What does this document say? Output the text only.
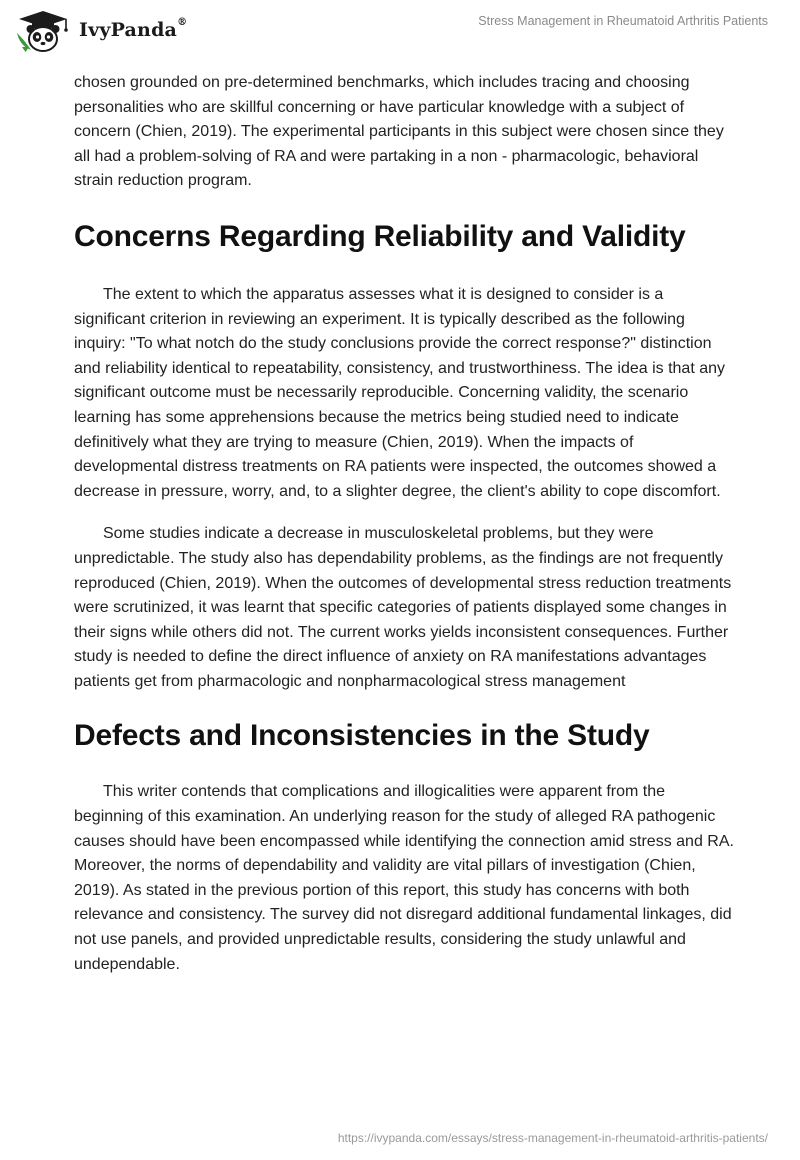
IvyPanda®	Stress Management in Rheumatoid Arthritis Patients

chosen grounded on pre-determined benchmarks, which includes tracing and choosing personalities who are skillful concerning or have particular knowledge with a subject of concern (Chien, 2019). The experimental participants in this subject were chosen since they all had a problem-solving of RA and were partaking in a non - pharmacologic, behavioral strain reduction program.

Concerns Regarding Reliability and Validity

The extent to which the apparatus assesses what it is designed to consider is a significant criterion in reviewing an experiment. It is typically described as the following inquiry: "To what notch do the study conclusions provide the correct response?" distinction and reliability identical to repeatability, consistency, and trustworthiness. The idea is that any significant outcome must be necessarily reproducible. Concerning validity, the scenario learning has some apprehensions because the metrics being studied need to indicate definitively what they are trying to measure (Chien, 2019). When the impacts of developmental distress treatments on RA patients were inspected, the outcomes showed a decrease in pressure, worry, and, to a slighter degree, the client's ability to cope discomfort.

Some studies indicate a decrease in musculoskeletal problems, but they were unpredictable. The study also has dependability problems, as the findings are not frequently reproduced (Chien, 2019). When the outcomes of developmental stress reduction treatments were scrutinized, it was learnt that specific categories of patients displayed some changes in their signs while others did not. The current works yields inconsistent consequences. Further study is needed to define the direct influence of anxiety on RA manifestations advantages patients get from pharmacologic and nonpharmacological stress management

Defects and Inconsistencies in the Study

This writer contends that complications and illogicalities were apparent from the beginning of this examination. An underlying reason for the study of alleged RA pathogenic causes should have been encompassed while identifying the connection amid stress and RA. Moreover, the norms of dependability and validity are vital pillars of investigation (Chien, 2019). As stated in the previous portion of this report, this study has concerns with both relevance and consistency. The survey did not disregard additional fundamental linkages, did not use panels, and provided unpredictable results, considering the study unlawful and undependable.

https://ivypanda.com/essays/stress-management-in-rheumatoid-arthritis-patients/
